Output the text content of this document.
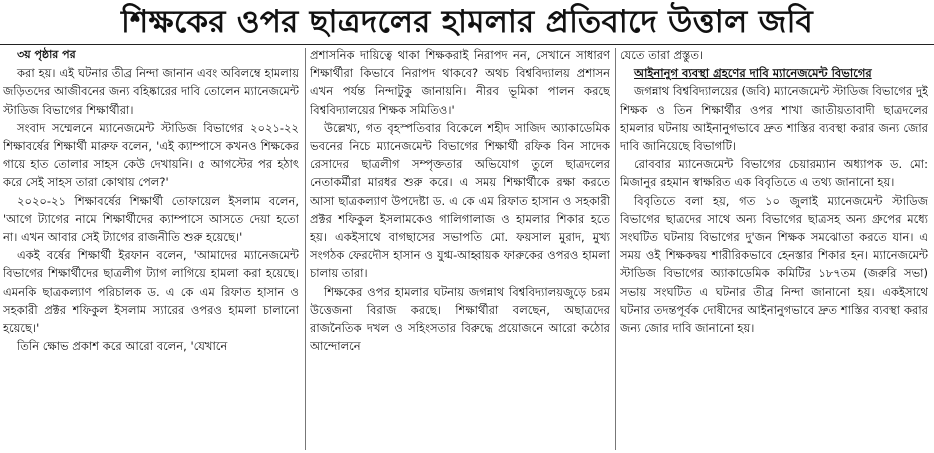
শিক্ষকের ওপর ছাত্রদলের হামলার প্রতিবাদে উত্তাল জবি

৩য় পৃষ্ঠার পর

করা হয়। এই ঘটনার তীব্র নিন্দা জানান এবং অবিলম্বে হামলায় জড়িতদের আজীবনের জন্য বহিষ্কারের দাবি তোলেন ম্যানেজমেন্ট স্টাডিজ বিভাগের শিক্ষার্থীরা।

সংবাদ সম্মেলনে ম্যানেজমেন্ট স্টাডিজ বিভাগের ২০২১-২২ শিক্ষাবর্ষের শিক্ষার্থী মারুফ বলেন, 'এই ক্যাম্পাসে কখনও শিক্ষকের গায়ে হাত তোলার সাহস কেউ দেখায়নি। ৫ আগস্টের পর হঠাৎ করে সেই সাহস তারা কোথায় পেল?'

২০২০-২১ শিক্ষাবর্ষের শিক্ষার্থী তোফায়েল ইসলাম বলেন, 'আগে ট্যাগের নামে শিক্ষার্থীদের ক্যাম্পাসে আসতে দেয়া হতো না। এখন আবার সেই ট্যাগের রাজনীতি শুরু হয়েছে।'

একই বর্ষের শিক্ষার্থী ইরফান বলেন, 'আমাদের ম্যানেজমেন্ট বিভাগের শিক্ষার্থীদের ছাত্রলীগ ট্যাগ লাগিয়ে হামলা করা হয়েছে। এমনকি ছাত্রকল্যাণ পরিচালক ড. এ কে এম রিফাত হাসান ও সহকারী প্রক্টর শফিকুল ইসলাম স্যারের ওপরও হামলা চালানো হয়েছে।'

তিনি ক্ষোভ প্রকাশ করে আরো বলেন, 'যেখানে

প্রশাসনিক দায়িত্বে থাকা শিক্ষকরাই নিরাপদ নন, সেখানে সাধারণ শিক্ষার্থীরা কিভাবে নিরাপদ থাকবে? অথচ বিশ্ববিদ্যালয় প্রশাসন এখন পর্যন্ত নিন্দাটুকু জানায়নি। নীরব ভূমিকা পালন করছে বিশ্ববিদ্যালয়ের শিক্ষক সমিতিও।'

উল্লেখ্য, গত বৃহস্পতিবার বিকেলে শহীদ সাজিদ অ্যাকাডেমিক ভবনের নিচে ম্যানেজমেন্ট বিভাগের শিক্ষার্থী রফিক বিন সাদেক রেসাদের ছাত্রলীগ সম্পৃক্ততার অভিযোগ তুলে ছাত্রদলের নেতাকর্মীরা মারধর শুরু করে। এ সময় শিক্ষার্থীকে রক্ষা করতে আসা ছাত্রকল্যাণ উপদেষ্টা ড. এ কে এম রিফাত হাসান ও সহকারী প্রক্টর শফিকুল ইসলামকেও গালিগালাজ ও হামলার শিকার হতে হয়। একইসাথে বাগছাসের সভাপতি মো. ফয়সাল মুরাদ, মুখ্য সংগঠক ফেরদৌস হাসান ও যুগ্ম-আহ্বায়ক ফারুকের ওপরও হামলা চালায় তারা।

শিক্ষকের ওপর হামলার ঘটনায় জগন্নাথ বিশ্ববিদ্যালয়জুড়ে চরম উত্তেজনা বিরাজ করছে। শিক্ষার্থীরা বলছেন, অছাত্রদের রাজনৈতিক দখল ও সহিংসতার বিরুদ্ধে প্রয়োজনে আরো কঠোর আন্দোলনে

যেতে তারা প্রস্তুত।

আইনানুগ ব্যবস্থা গ্রহণের দাবি ম্যানেজমেন্ট বিভাগের

জগন্নাথ বিশ্ববিদ্যালয়ের (জবি) ম্যানেজমেন্ট স্টাডিজ বিভাগের দুই শিক্ষক ও তিন শিক্ষার্থীর ওপর শাখা জাতীয়তাবাদী ছাত্রদলের হামলার ঘটনায় আইনানুগভাবে দ্রুত শাস্তির ব্যবস্থা করার জন্য জোর দাবি জানিয়েছে বিভাগটি।

রোববার ম্যানেজমেন্ট বিভাগের চেয়ারম্যান অধ্যাপক ড. মো: মিজানুর রহমান স্বাক্ষরিত এক বিবৃতিতে এ তথ্য জানানো হয়।

বিবৃতিতে বলা হয়, গত ১০ জুলাই ম্যানেজমেন্ট স্টাডিজ বিভাগের ছাত্রদের সাথে অন্য বিভাগের ছাত্রসহ অন্য গ্রুপের মধ্যে সংঘটিত ঘটনায় বিভাগের দু'জন শিক্ষক সমঝোতা করতে যান। এ সময় ওই শিক্ষকদ্বয় শারীরিকভাবে হেনস্তার শিকার হন। ম্যানেজমেন্ট স্টাডিজ বিভাগের অ্যাকাডেমিক কমিটির ১৮৭তম (জরুরি সভা) সভায় সংঘটিত এ ঘটনার তীব্র নিন্দা জানানো হয়। একইসাথে ঘটনার তদন্তপূর্বক দোষীদের আইনানুগভাবে দ্রুত শাস্তির ব্যবস্থা করার জন্য জোর দাবি জানানো হয়।
